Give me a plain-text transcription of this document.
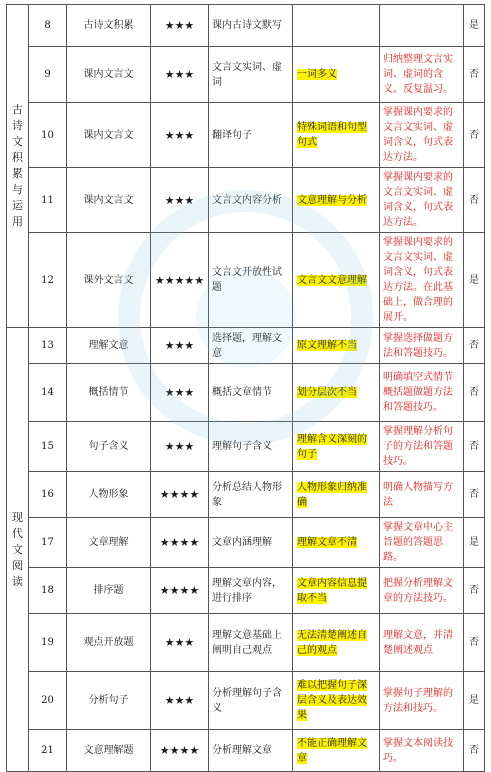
古诗文积累与运用	8	古诗文积累	★★★	课内古诗文默写			是
	9	课内文言文	★★★	文言文实词、虚词	一词多义	归纳整理文言实词、虚词的含义。反复温习。	否
	10	课内文言文	★★★	翻译句子	特殊词语和句型句式	掌握课内要求的文言文实词、虚词含义，句式表达方法。	否
	11	课内文言文	★★★	文言文内容分析	文意理解与分析	掌握课内要求的文言文实词、虚词含义，句式表达方法。	否
	12	课外文言文	★★★★★	文言文开放性试题	文言文文意理解	掌握课内要求的文言文实词、虚词含义，句式表达方法。在此基础上，做合理的展开。	是
现代文阅读	13	理解文意	★★★	选择题，理解文意	原文理解不当	掌握选择做题方法和答题技巧。	否
	14	概括情节	★★★	概括文章情节	划分层次不当	明确填空式情节概括题做题方法和答题技巧。	否
	15	句子含义	★★★	理解句子含义	理解含义深刻的句子	掌握理解分析句子的方法和答题技巧。	否
	16	人物形象	★★★★	分析总结人物形象	人物形象归纳准确	明确人物描写方法	否
	17	文章理解	★★★★	文章内涵理解	理解文章不清	掌握文章中心主旨题的答题思路。	是
	18	排序题	★★★★	理解文章内容，进行排序	文章内容信息提取不当	把握分析理解文章的方法技巧。	否
	19	观点开放题	★★★	理解文意基础上阐明自己观点	无法清楚阐述自己的观点	理解文意，并清楚阐述观点	否
	20	分析句子	★★★	分析理解句子含义	难以把握句子深层含义及表达效果	掌握句子理解的方法和技巧。	是
	21	文意理解题	★★★★	分析理解文章	不能正确理解文章	掌握文本阅读技巧。	否
